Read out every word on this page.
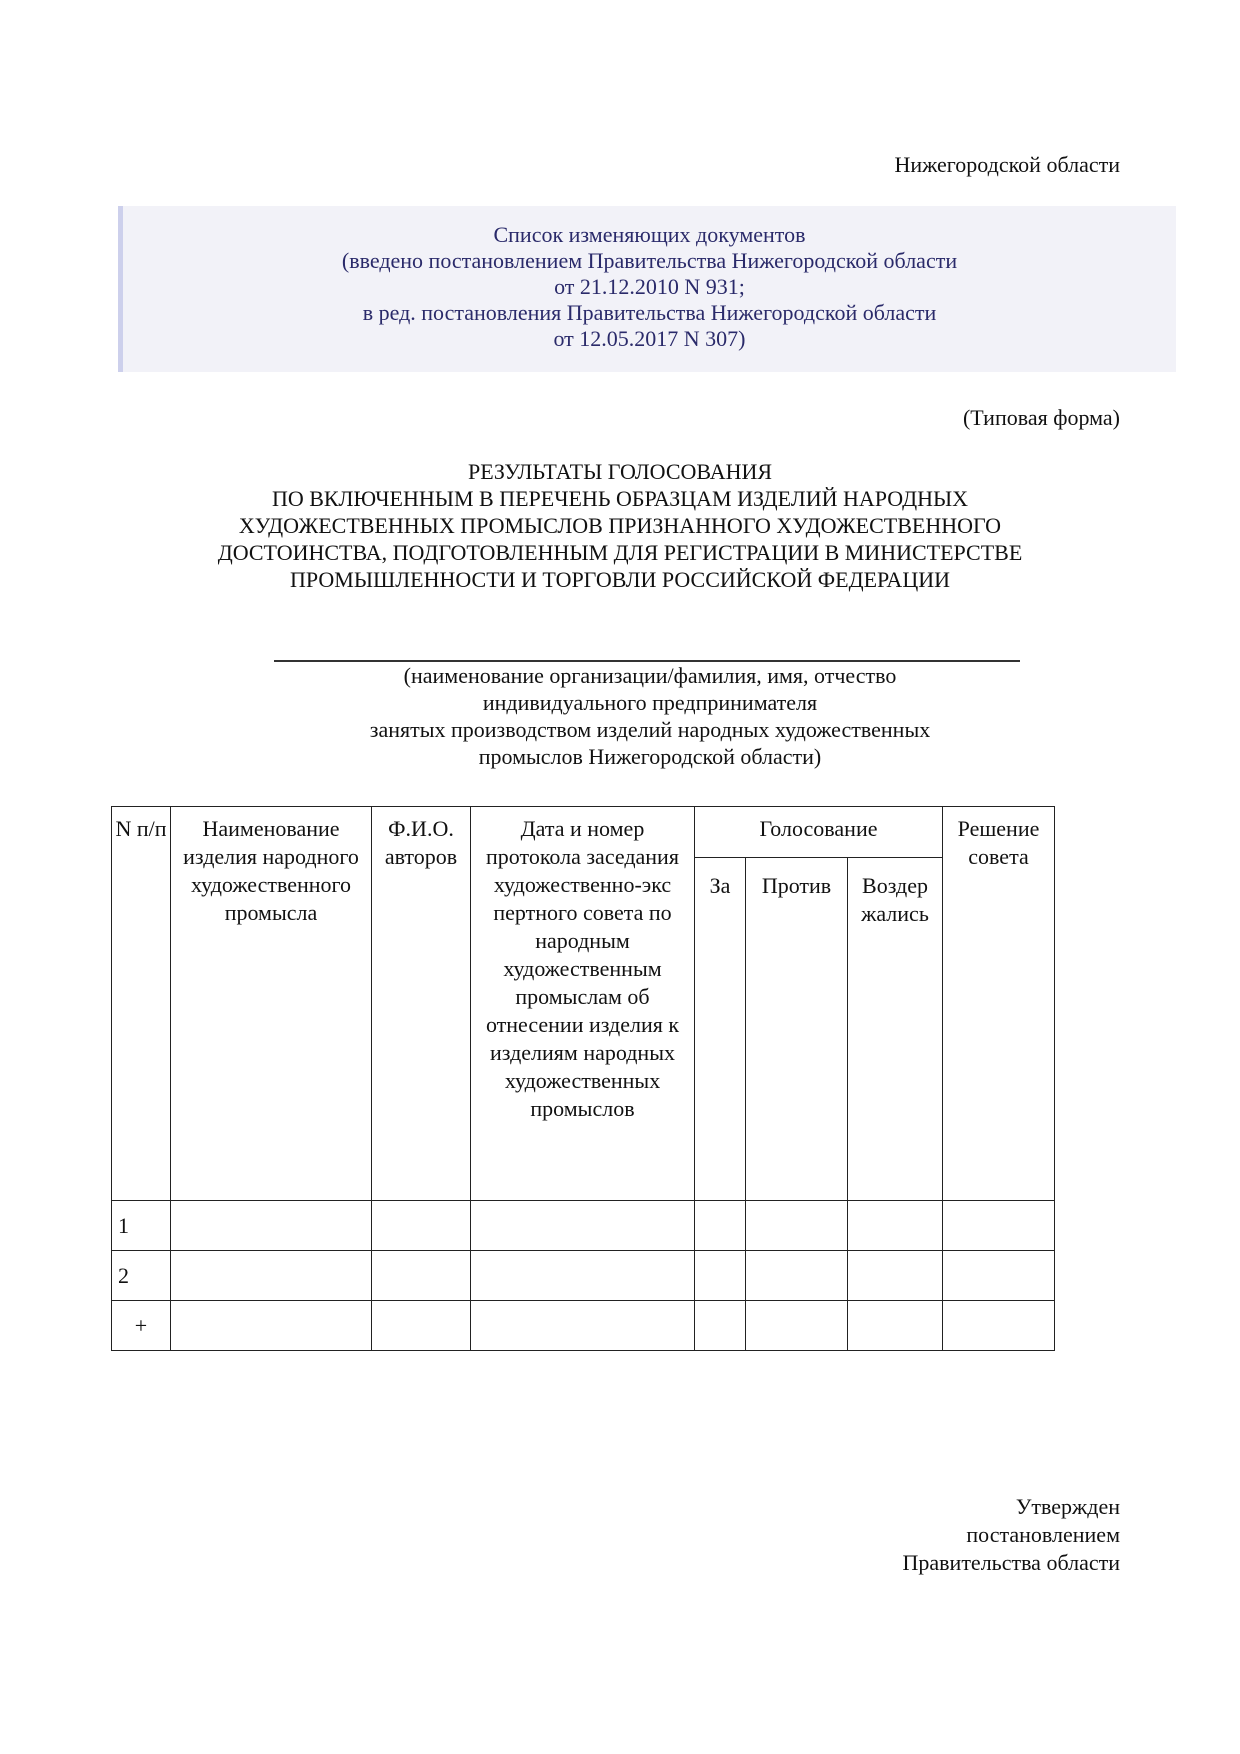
Нижегородской области
Список изменяющих документов
(введено постановлением Правительства Нижегородской области
от 21.12.2010 N 931;
в ред. постановления Правительства Нижегородской области
от 12.05.2017 N 307)
(Типовая форма)
РЕЗУЛЬТАТЫ ГОЛОСОВАНИЯ
ПО ВКЛЮЧЕННЫМ В ПЕРЕЧЕНЬ ОБРАЗЦАМ ИЗДЕЛИЙ НАРОДНЫХ
ХУДОЖЕСТВЕННЫХ ПРОМЫСЛОВ ПРИЗНАННОГО ХУДОЖЕСТВЕННОГО
ДОСТОИНСТВА, ПОДГОТОВЛЕННЫМ ДЛЯ РЕГИСТРАЦИИ В МИНИСТЕРСТВЕ
ПРОМЫШЛЕННОСТИ И ТОРГОВЛИ РОССИЙСКОЙ ФЕДЕРАЦИИ
(наименование организации/фамилия, имя, отчество
индивидуального предпринимателя
занятых производством изделий народных художественных
промыслов Нижегородской области)
N п/п	Наименование изделия народного художественного промысла	Ф.И.О. авторов	Дата и номер протокола заседания художественно-экс пертного совета по народным художественным промыслам об отнесении изделия к изделиям народных художественных промыслов	Голосование			Решение совета
				За	Против	Воздер жались	
1							
2							
+							
Утвержден
постановлением
Правительства области
